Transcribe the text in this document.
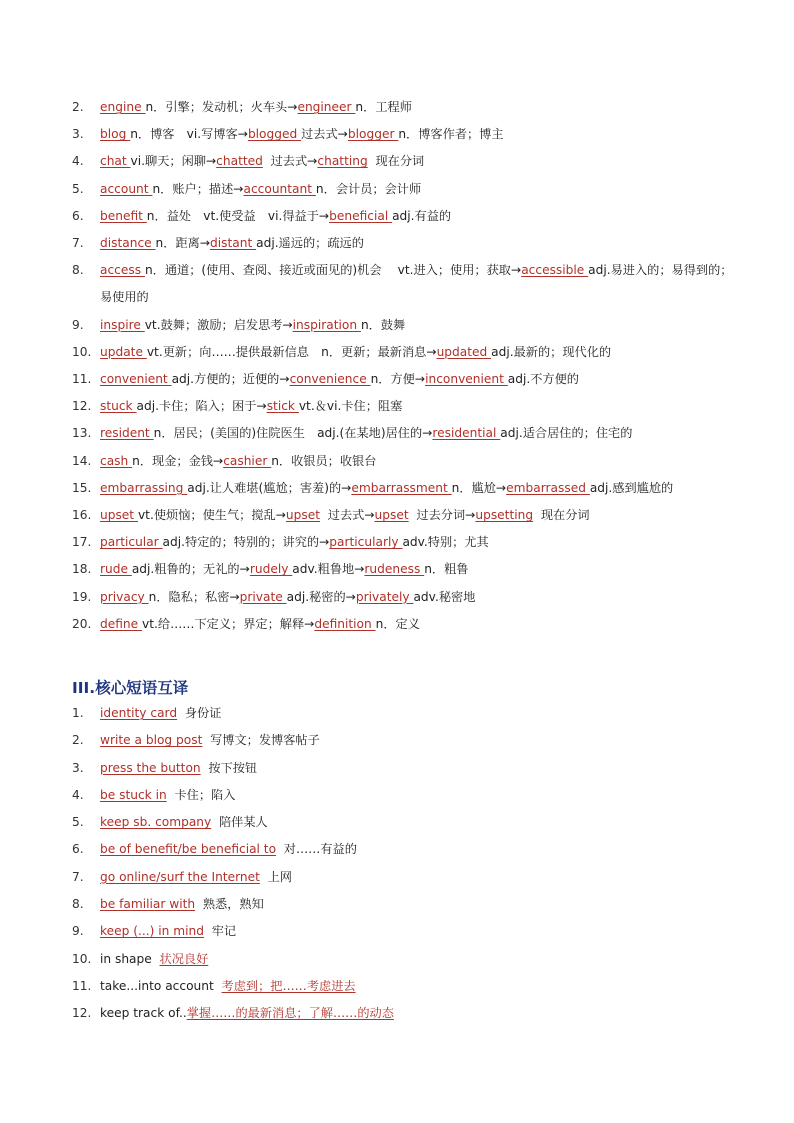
2.	engine n．引擎；发动机；火车头→engineer n．工程师
3.	blog n．博客　vi.写博客→blogged 过去式→blogger n．博客作者；博主
4.	chat vi.聊天；闲聊→chatted  过去式→chatting  现在分词
5.	account n．账户；描述→accountant n．会计员；会计师
6.	benefit n．益处　vt.使受益　vi.得益于→beneficial adj.有益的
7.	distance n．距离→distant adj.遥远的；疏远的
8.	access n．通道；(使用、查阅、接近或面见的)机会　 vt.进入；使用；获取→accessible adj.易进入的；易得到的；易使用的
9.	inspire vt.鼓舞；激励；启发思考→inspiration n．鼓舞
10. update vt.更新；向……提供最新信息　n．更新；最新消息→updated adj.最新的；现代化的
11. convenient adj.方便的；近便的→convenience n．方便→inconvenient adj.不方便的
12. stuck adj.卡住；陷入；困于→stick vt.＆vi.卡住；阻塞
13. resident n．居民；(美国的)住院医生　adj.(在某地)居住的→residential adj.适合居住的；住宅的
14. cash n．现金；金钱→cashier n．收银员；收银台
15. embarrassing adj.让人难堪(尴尬；害羞)的→embarrassment n．尴尬→embarrassed adj.感到尴尬的
16. upset vt.使烦恼；使生气；搅乱→upset  过去式→upset  过去分词→upsetting  现在分词
17. particular adj.特定的；特别的；讲究的→particularly adv.特别；尤其
18. rude adj.粗鲁的；无礼的→rudely adv.粗鲁地→rudeness n．粗鲁
19. privacy n．隐私；私密→private adj.秘密的→privately adv.秘密地
20. define vt.给……下定义；界定；解释→definition n．定义
III.核心短语互译
1.	identity card  身份证
2.	write a blog post  写博文；发博客帖子
3.	press the button  按下按钮
4.	be stuck in  卡住；陷入
5.	keep sb. company  陪伴某人
6.	be of benefit/be beneficial to  对……有益的
7.	go online/surf the Internet  上网
8.	be familiar with  熟悉，熟知
9.	keep (...) in mind  牢记
10. in shape  状况良好
11. take...into account  考虑到；把……考虑进去
12. keep track of..掌握……的最新消息；了解……的动态
